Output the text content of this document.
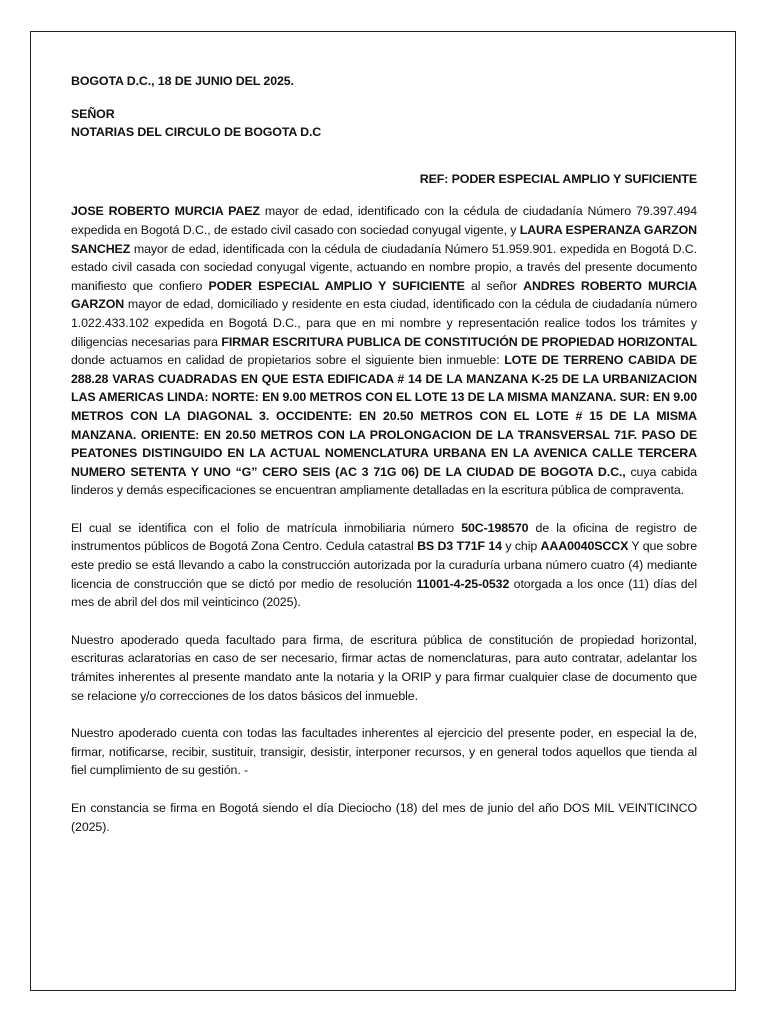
BOGOTA D.C., 18 DE JUNIO DEL 2025.

SEÑOR

NOTARIAS DEL CIRCULO DE BOGOTA D.C

REF: PODER ESPECIAL AMPLIO Y SUFICIENTE

JOSE ROBERTO MURCIA PAEZ mayor de edad, identificado con la cédula de ciudadanía Número 79.397.494 expedida en Bogotá D.C., de estado civil casado con sociedad conyugal vigente, y LAURA ESPERANZA GARZON SANCHEZ mayor de edad, identificada con la cédula de ciudadanía Número 51.959.901. expedida en Bogotá D.C. estado civil casada con sociedad conyugal vigente, actuando en nombre propio, a través del presente documento manifiesto que confiero PODER ESPECIAL AMPLIO Y SUFICIENTE al señor ANDRES ROBERTO MURCIA GARZON mayor de edad, domiciliado y residente en esta ciudad, identificado con la cédula de ciudadanía número 1.022.433.102 expedida en Bogotá D.C., para que en mi nombre y representación realice todos los trámites y diligencias necesarias para FIRMAR ESCRITURA PUBLICA DE CONSTITUCIÓN DE PROPIEDAD HORIZONTAL donde actuamos en calidad de propietarios sobre el siguiente bien inmueble: LOTE DE TERRENO CABIDA DE 288.28 VARAS CUADRADAS EN QUE ESTA EDIFICADA # 14 DE LA MANZANA K-25 DE LA URBANIZACION LAS AMERICAS LINDA: NORTE: EN 9.00 METROS CON EL LOTE 13 DE LA MISMA MANZANA. SUR: EN 9.00 METROS CON LA DIAGONAL 3. OCCIDENTE: EN 20.50 METROS CON EL LOTE # 15 DE LA MISMA MANZANA. ORIENTE: EN 20.50 METROS CON LA PROLONGACION DE LA TRANSVERSAL 71F. PASO DE PEATONES DISTINGUIDO EN LA ACTUAL NOMENCLATURA URBANA EN LA AVENICA CALLE TERCERA NUMERO SETENTA Y UNO “G” CERO SEIS (AC 3 71G 06) DE LA CIUDAD DE BOGOTA D.C., cuya cabida linderos y demás especificaciones se encuentran ampliamente detalladas en la escritura pública de compraventa.

El cual se identifica con el folio de matrícula inmobiliaria número 50C-198570 de la oficina de registro de instrumentos públicos de Bogotá Zona Centro. Cedula catastral BS D3 T71F 14 y chip AAA0040SCCX Y que sobre este predio se está llevando a cabo la construcción autorizada por la curaduría urbana número cuatro (4) mediante licencia de construcción que se dictó por medio de resolución 11001-4-25-0532 otorgada a los once (11) días del mes de abril del dos mil veinticinco (2025).

Nuestro apoderado queda facultado para firma, de escritura pública de constitución de propiedad horizontal, escrituras aclaratorias en caso de ser necesario, firmar actas de nomenclaturas, para auto contratar, adelantar los trámites inherentes al presente mandato ante la notaria y la ORIP y para firmar cualquier clase de documento que se relacione y/o correcciones de los datos básicos del inmueble.

Nuestro apoderado cuenta con todas las facultades inherentes al ejercicio del presente poder, en especial la de, firmar, notificarse, recibir, sustituir, transigir, desistir, interponer recursos, y en general todos aquellos que tienda al fiel cumplimiento de su gestión. -

En constancia se firma en Bogotá siendo el día Dieciocho (18) del mes de junio del año DOS MIL VEINTICINCO (2025).
